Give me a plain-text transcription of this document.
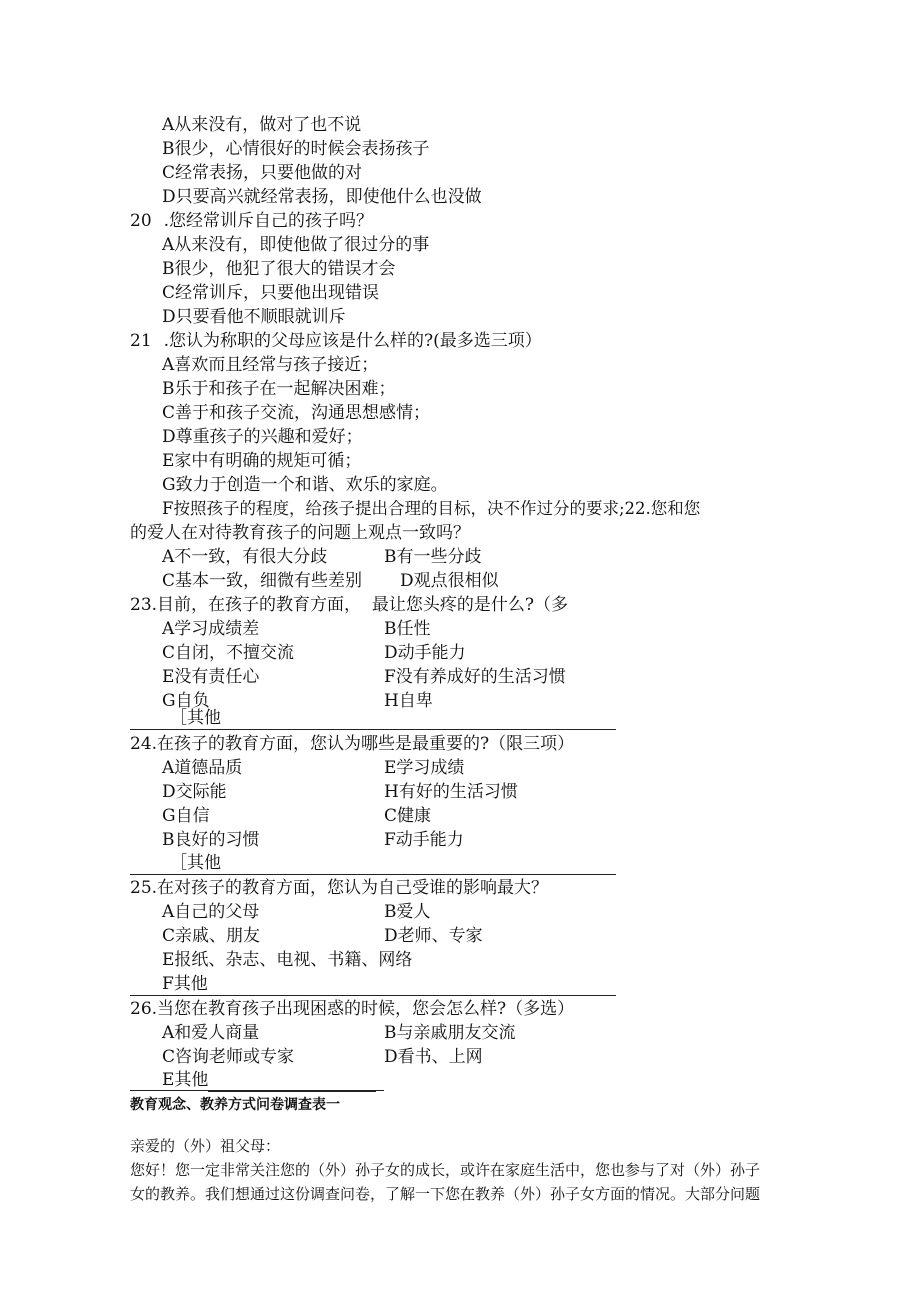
A从来没有，做对了也不说
B很少，心情很好的时候会表扬孩子
C经常表扬，只要他做的对
D只要高兴就经常表扬，即使他什么也没做
20 .您经常训斥自己的孩子吗？
A从来没有，即使他做了很过分的事
B很少，他犯了很大的错误才会
C经常训斥，只要他出现错误
D只要看他不顺眼就训斥
21 .您认为称职的父母应该是什么样的?(最多选三项）
A喜欢而且经常与孩子接近；
B乐于和孩子在一起解决困难；
C善于和孩子交流，沟通思想感情；
D尊重孩子的兴趣和爱好；
E家中有明确的规矩可循；
G致力于创造一个和谐、欢乐的家庭。
F按照孩子的程度，给孩子提出合理的目标，决不作过分的要求;22.您和您
的爱人在对待教育孩子的问题上观点一致吗？
A不一致，有很大分歧	B有一些分歧
C基本一致，细微有些差别 D观点很相似
23.目前，在孩子的教育方面，  最让您头疼的是什么?（多
A学习成绩差	B任性
C自闭，不擅交流	D动手能力
E没有责任心	F没有养成好的生活习惯
G自负	H自卑
［其他
24.在孩子的教育方面，您认为哪些是最重要的?（限三项）
A道德品质	E学习成绩
D交际能	H有好的生活习惯
G自信	C健康
B良好的习惯	F动手能力
［其他
25.在对孩子的教育方面，您认为自己受谁的影响最大？
A自己的父母	B爱人
C亲戚、朋友	D老师、专家
E报纸、杂志、电视、书籍、网络
F其他
26.当您在教育孩子出现困惑的时候，您会怎么样?（多选）
A和爱人商量	B与亲戚朋友交流
C咨询老师或专家	D看书、上网
E其他
教育观念、教养方式问卷调查表一
亲爱的（外）祖父母：
您好！您一定非常关注您的（外）孙子女的成长，或许在家庭生活中，您也参与了对（外）孙子
女的教养。我们想通过这份调查问卷，了解一下您在教养（外）孙子女方面的情况。大部分问题
